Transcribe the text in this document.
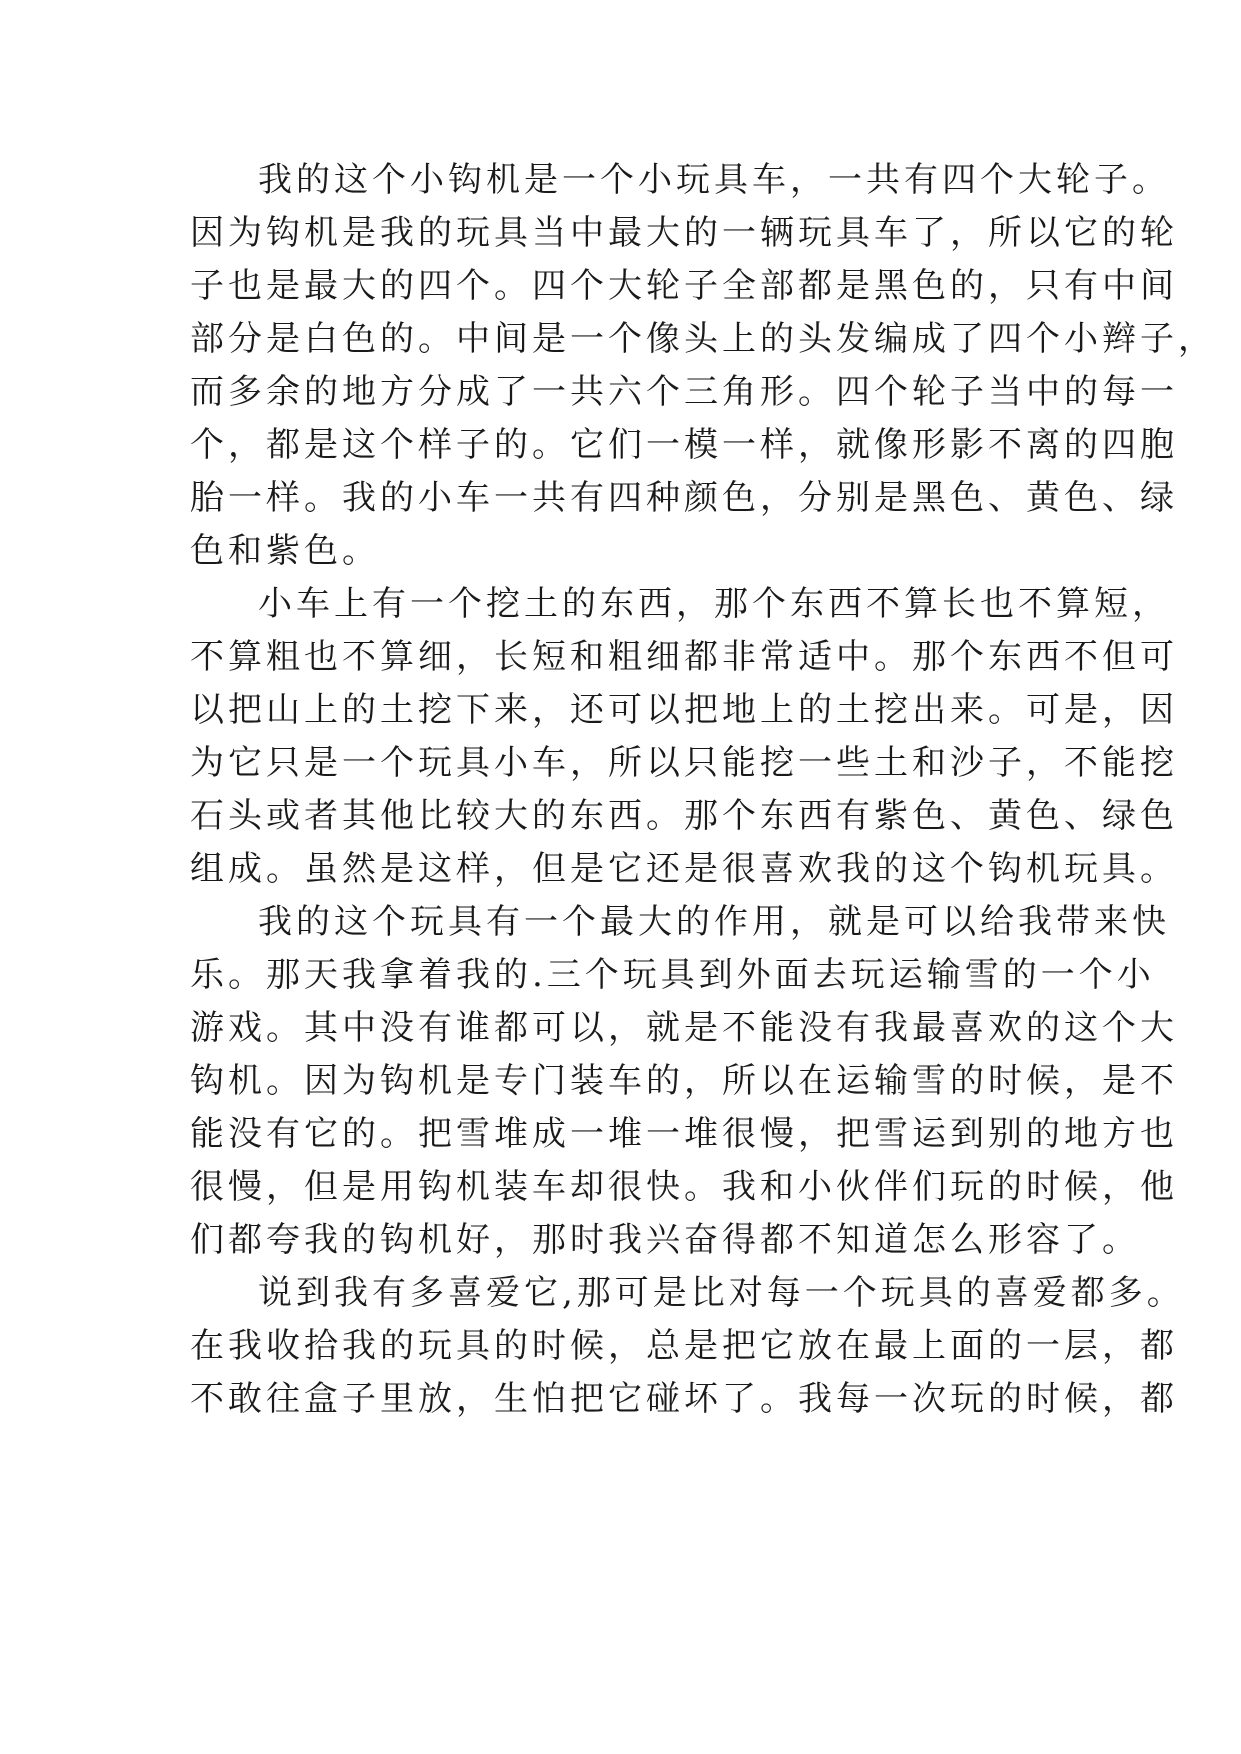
我的这个小钩机是一个小玩具车，一共有四个大轮子。
因为钩机是我的玩具当中最大的一辆玩具车了，所以它的轮
子也是最大的四个。四个大轮子全部都是黑色的，只有中间
部分是白色的。中间是一个像头上的头发编成了四个小辫子，
而多余的地方分成了一共六个三角形。四个轮子当中的每一
个，都是这个样子的。它们一模一样，就像形影不离的四胞
胎一样。我的小车一共有四种颜色，分别是黑色、黄色、绿
色和紫色。
小车上有一个挖土的东西，那个东西不算长也不算短，
不算粗也不算细，长短和粗细都非常适中。那个东西不但可
以把山上的土挖下来，还可以把地上的土挖出来。可是，因
为它只是一个玩具小车，所以只能挖一些土和沙子，不能挖
石头或者其他比较大的东西。那个东西有紫色、黄色、绿色
组成。虽然是这样，但是它还是很喜欢我的这个钩机玩具。
我的这个玩具有一个最大的作用，就是可以给我带来快
乐。那天我拿着我的.三个玩具到外面去玩运输雪的一个小
游戏。其中没有谁都可以，就是不能没有我最喜欢的这个大
钩机。因为钩机是专门装车的，所以在运输雪的时候，是不
能没有它的。把雪堆成一堆一堆很慢，把雪运到别的地方也
很慢，但是用钩机装车却很快。我和小伙伴们玩的时候，他
们都夸我的钩机好，那时我兴奋得都不知道怎么形容了。
说到我有多喜爱它,那可是比对每一个玩具的喜爱都多。
在我收拾我的玩具的时候，总是把它放在最上面的一层，都
不敢往盒子里放，生怕把它碰坏了。我每一次玩的时候，都
